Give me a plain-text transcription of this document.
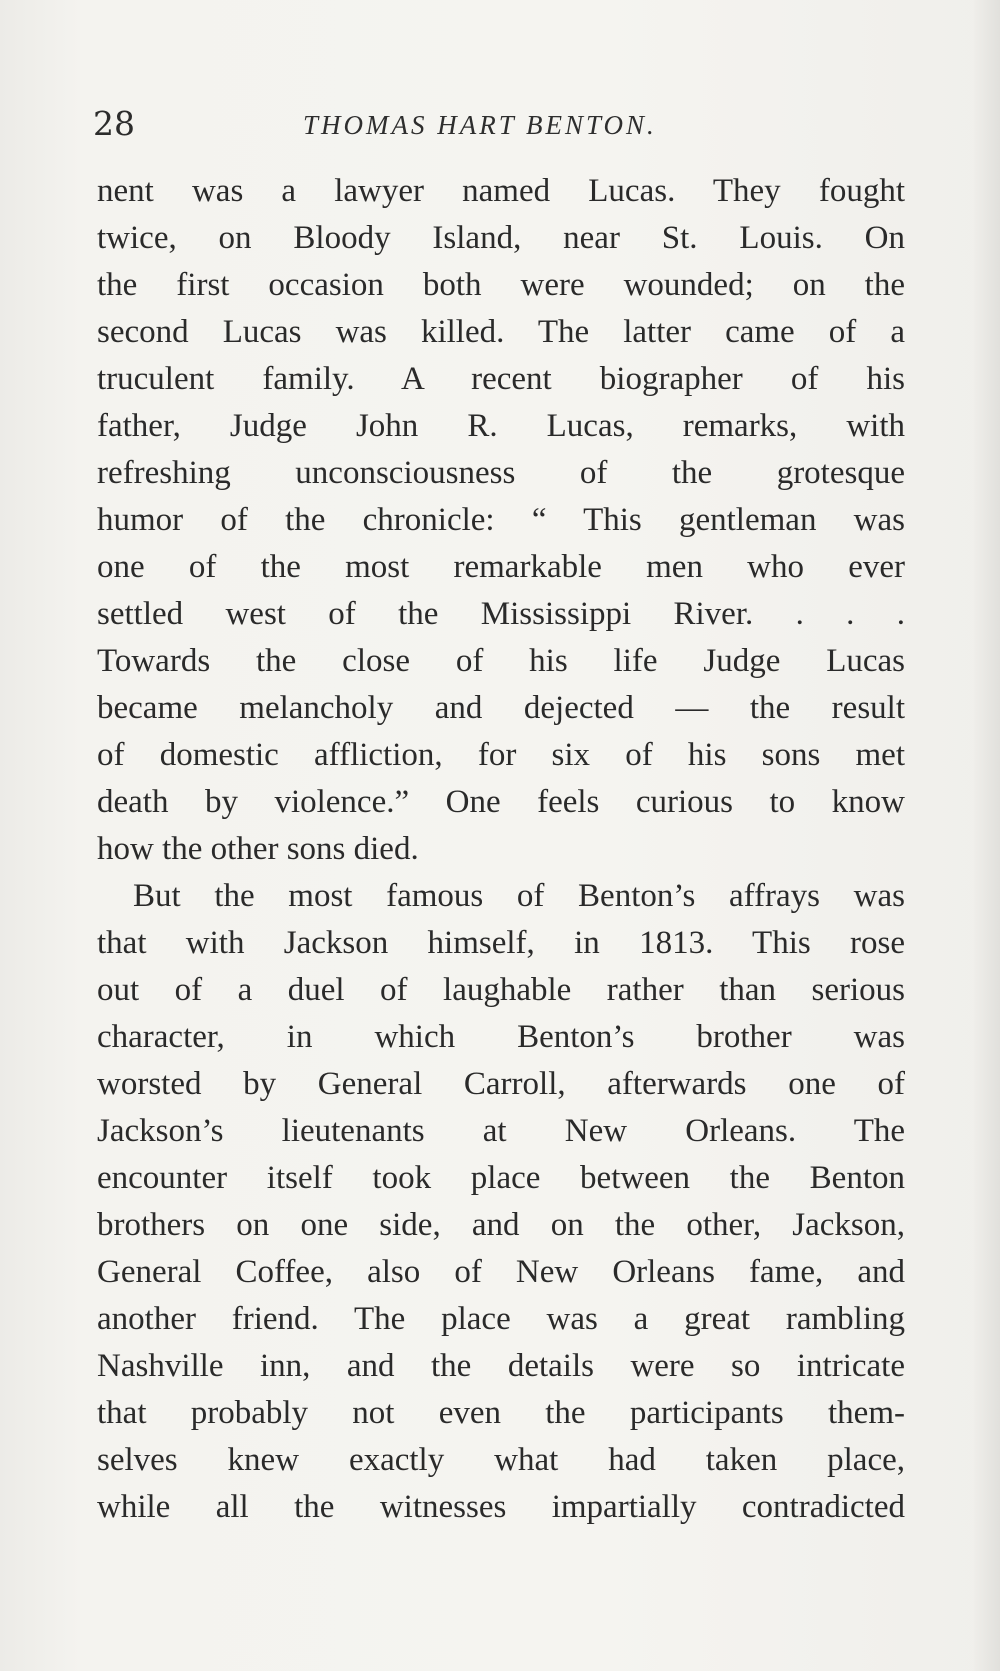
28	THOMAS HART BENTON.
nent was a lawyer named Lucas. They fought
twice, on Bloody Island, near St. Louis. On
the first occasion both were wounded; on the
second Lucas was killed. The latter came of a
truculent family. A recent biographer of his
father, Judge John R. Lucas, remarks, with
refreshing unconsciousness of the grotesque
humor of the chronicle: “ This gentleman was
one of the most remarkable men who ever
settled west of the Mississippi River. . . .
Towards the close of his life Judge Lucas
became melancholy and dejected — the result
of domestic affliction, for six of his sons met
death by violence.” One feels curious to know
how the other sons died.
But the most famous of Benton’s affrays was
that with Jackson himself, in 1813. This rose
out of a duel of laughable rather than serious
character, in which Benton’s brother was
worsted by General Carroll, afterwards one of
Jackson’s lieutenants at New Orleans. The
encounter itself took place between the Benton
brothers on one side, and on the other, Jackson,
General Coffee, also of New Orleans fame, and
another friend. The place was a great rambling
Nashville inn, and the details were so intricate
that probably not even the participants them-
selves knew exactly what had taken place,
while all the witnesses impartially contradicted
